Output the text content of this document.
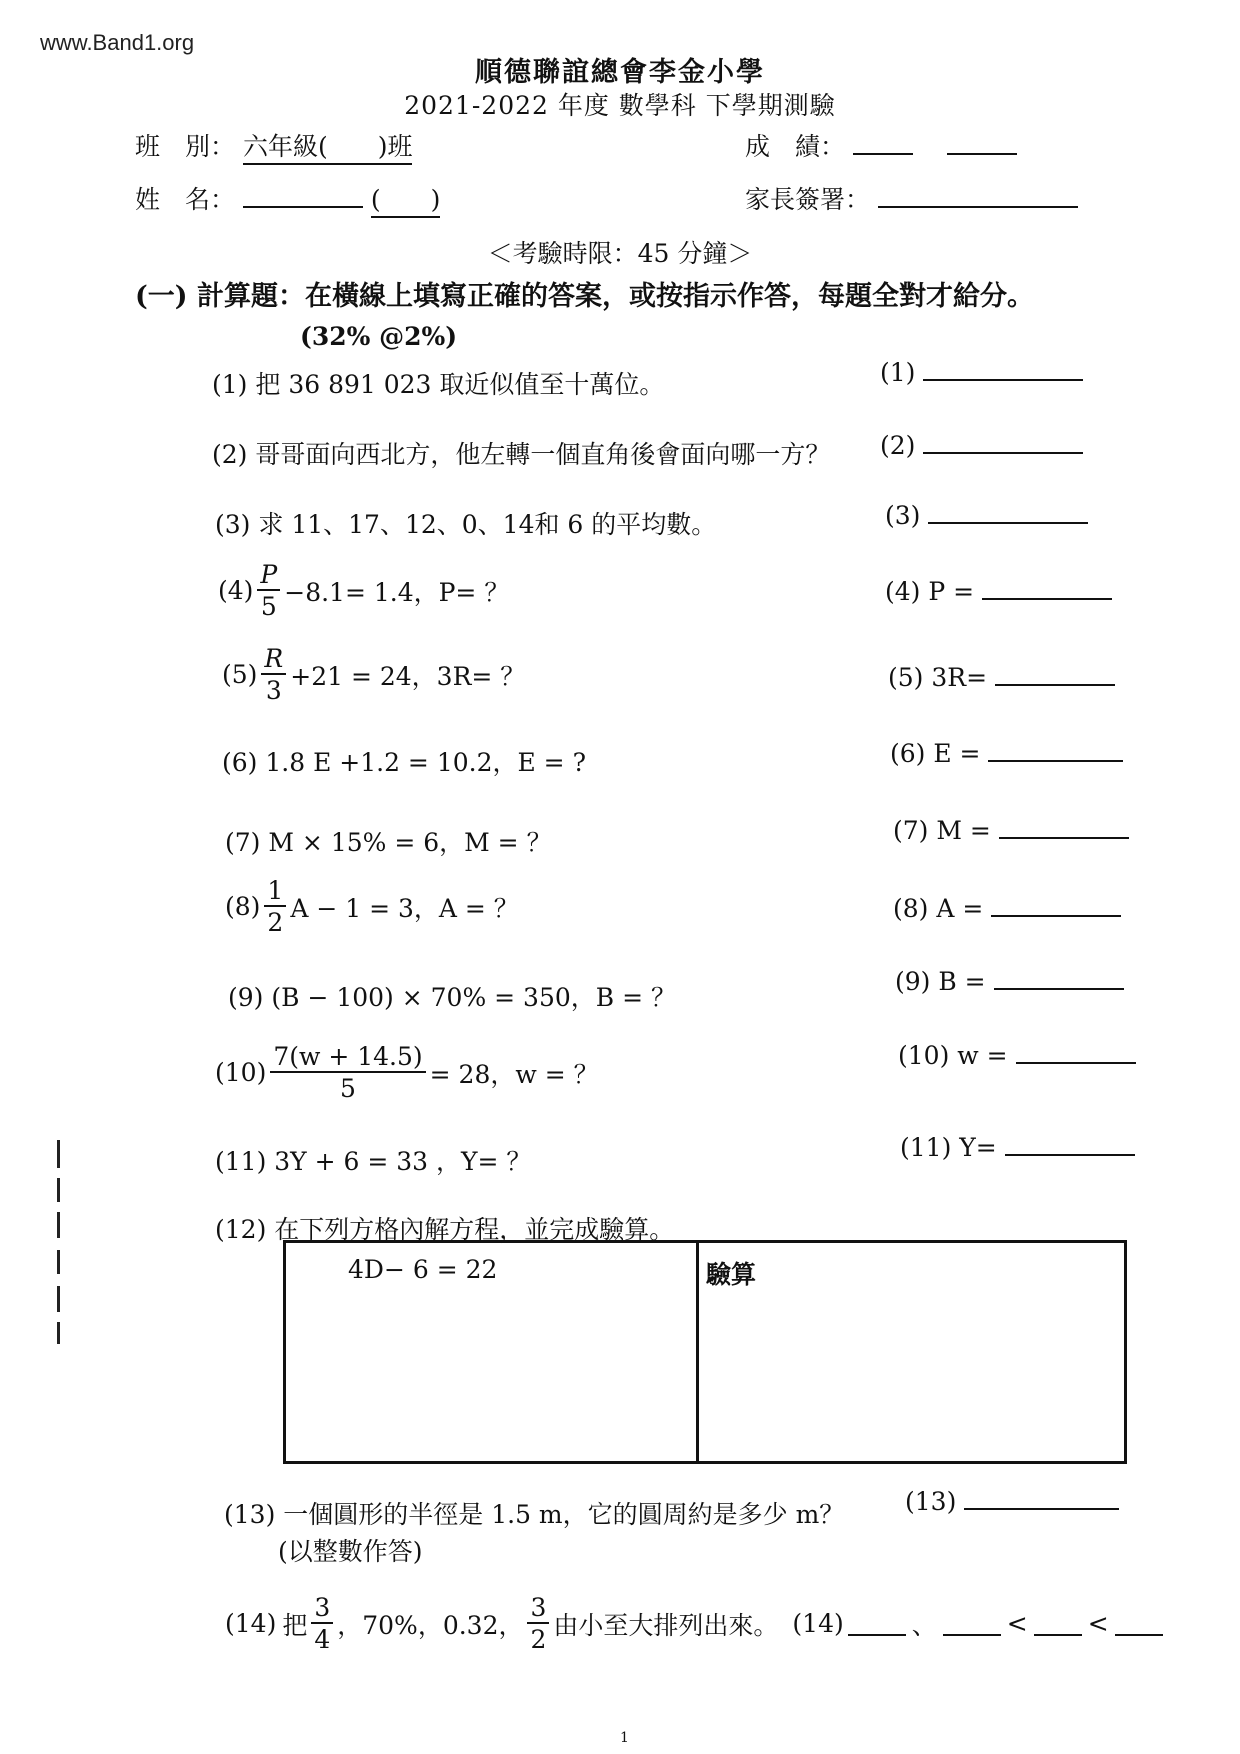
www.Band1.org
順德聯誼總會李金小學
2021-2022 年度 數學科 下學期測驗
班　別： 六年級(　　)班	成　績：
姓　名：	(　　)	家長簽署：
＜考驗時限：45 分鐘＞
(一) 計算題：在橫線上填寫正確的答案，或按指示作答，每題全對才給分。
(32% @2%)
(1) 把 36 891 023 取近似值至十萬位。	(1)
(2) 哥哥面向西北方，他左轉一個直角後會面向哪一方？ (2)
(3) 求 11、17、12、0、14和 6 的平均數。	(3)
$(4) \frac{P}{5} -8.1= 1.4$，P= ？	(4) P =
$(5) \frac{R}{3} +21 = 24$，3R= ？	(5) 3R=
(6) 1.8 E +1.2 = 10.2，E = ?	(6) E =
(7) M × 15% = 6，M = ？	(7) M =
$(8) \frac{1}{2}$ A − 1 = 3，A = ？	(8) A =
(9) (B − 100) × 70% = 350，B = ？
(9) B =
$(10) \frac{7(w + 14.5)}{5} = 28$，w = ？
(10) w =
(11) 3Y + 6 = 33 ，Y= ？	(11) Y=
(12) 在下列方格內解方程，並完成驗算。
4D− 6 = 22	驗算
(13) 一個圓形的半徑是 1.5 m，它的圓周約是多少 m？
(以整數作答)
(13)
(14) 把 $\frac{3}{4}$ ，70%，0.32， $\frac{3}{2}$ 由小至大排列出來。 (14)	、	< <
1
